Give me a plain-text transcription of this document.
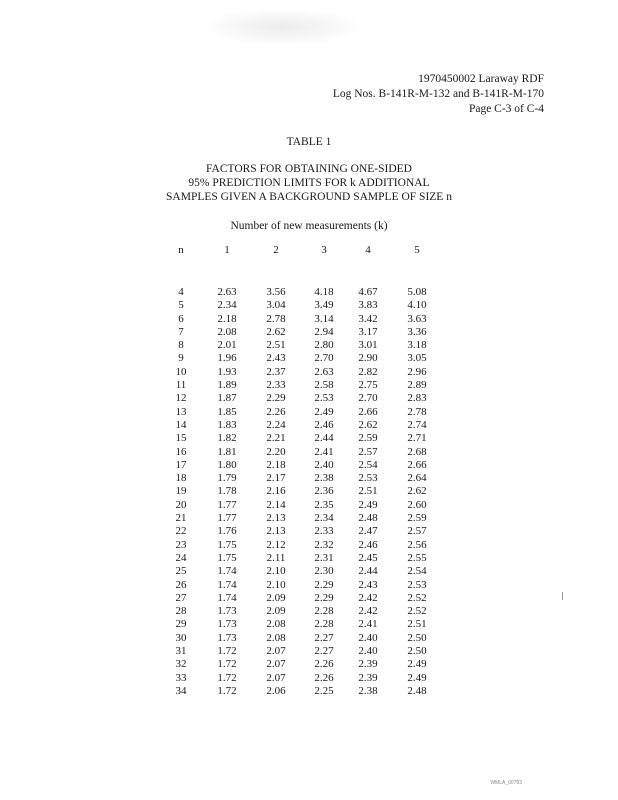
1970450002 Laraway RDF
Log Nos. B-141R-M-132 and B-141R-M-170
Page C-3 of C-4
TABLE 1
FACTORS FOR OBTAINING ONE-SIDED
95% PREDICTION LIMITS FOR k ADDITIONAL
SAMPLES GIVEN A BACKGROUND SAMPLE OF SIZE n
Number of new measurements (k)
n	1	2	3	4	5
4	2.63	3.56	4.18	4.67	5.08
5	2.34	3.04	3.49	3.83	4.10
6	2.18	2.78	3.14	3.42	3.63
7	2.08	2.62	2.94	3.17	3.36
8	2.01	2.51	2.80	3.01	3.18
9	1.96	2.43	2.70	2.90	3.05
10	1.93	2.37	2.63	2.82	2.96
11	1.89	2.33	2.58	2.75	2.89
12	1.87	2.29	2.53	2.70	2.83
13	1.85	2.26	2.49	2.66	2.78
14	1.83	2.24	2.46	2.62	2.74
15	1.82	2.21	2.44	2.59	2.71
16	1.81	2.20	2.41	2.57	2.68
17	1.80	2.18	2.40	2.54	2.66
18	1.79	2.17	2.38	2.53	2.64
19	1.78	2.16	2.36	2.51	2.62
20	1.77	2.14	2.35	2.49	2.60
21	1.77	2.13	2.34	2.48	2.59
22	1.76	2.13	2.33	2.47	2.57
23	1.75	2.12	2.32	2.46	2.56
24	1.75	2.11	2.31	2.45	2.55
25	1.74	2.10	2.30	2.44	2.54
26	1.74	2.10	2.29	2.43	2.53
27	1.74	2.09	2.29	2.42	2.52
28	1.73	2.09	2.28	2.42	2.52
29	1.73	2.08	2.28	2.41	2.51
30	1.73	2.08	2.27	2.40	2.50
31	1.72	2.07	2.27	2.40	2.50
32	1.72	2.07	2.26	2.39	2.49
33	1.72	2.07	2.26	2.39	2.49
34	1.72	2.06	2.25	2.38	2.48
WMLA_00783
